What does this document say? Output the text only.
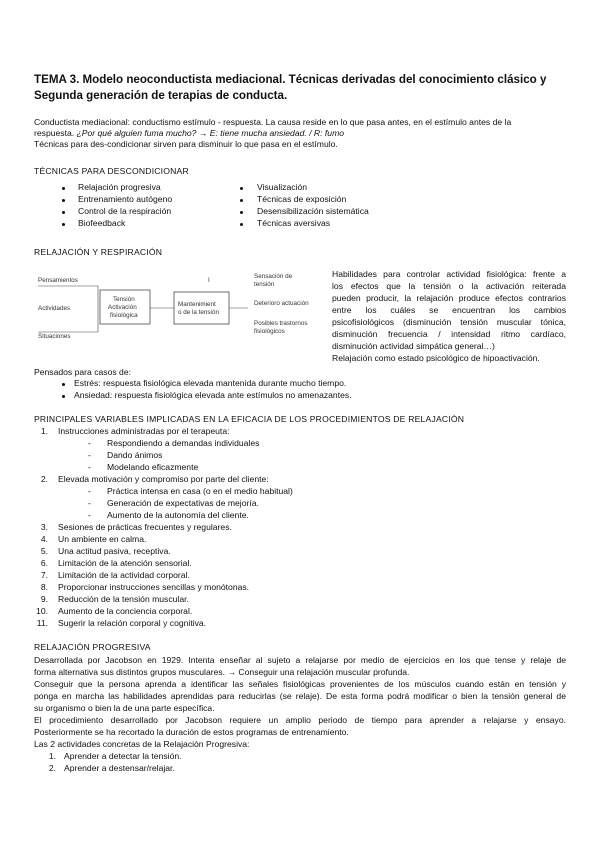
TEMA 3. Modelo neoconductista mediacional. Técnicas derivadas del conocimiento clásico y Segunda generación de terapias de conducta.

Conductista mediacional: conductismo estímulo - respuesta. La causa reside en lo que pasa antes, en el estímulo antes de la

respuesta. ¿Por qué alguien fuma mucho? → E: tiene mucha ansiedad. / R: fumo

Técnicas para des-condicionar sirven para disminuir lo que pasa en el estímulo.

TÉCNICAS PARA DESCONDICIONAR

Relajación progresiva
Entrenamiento autógeno
Control de la respiración
Biofeedback
Visualización
Técnicas de exposición
Desensibilización sistemática
Técnicas aversivas

RELAJACIÓN Y RESPIRACIÓN

Pensamientos
Actividades
Situaciones
Tensión
Activación
fisiológica
Mantenimient
o de la tensión
I
Sensación de
tensión
Deterioro actuación
Posibles trastornos
fisiológicos

Habilidades para controlar actividad fisiológica: frente a

los efectos que la tensión o la activación reiterada

pueden producir, la relajación produce efectos contrarios

entre los cuáles se encuentran los cambios

psicofisiológicos (disminución tensión muscular tónica,

disminución frecuencia / intensidad ritmo cardíaco,

disminución actividad simpática general…)

Relajación como estado psicológico de hipoactivación.

Pensados para casos de:

Estrés: respuesta fisiológica elevada mantenida durante mucho tiempo.
Ansiedad: respuesta fisiológica elevada ante estímulos no amenazantes.

PRINCIPALES VARIABLES IMPLICADAS EN LA EFICACIA DE LOS PROCEDIMIENTOS DE RELAJACIÓN

1. Instrucciones administradas por el terapeuta:
- Respondiendo a demandas individuales
- Dando ánimos
- Modelando eficazmente
2. Elevada motivación y compromiso por parte del cliente:
- Práctica intensa en casa (o en el medio habitual)
- Generación de expectativas de mejoría.
- Aumento de la autonomía del cliente.
3. Sesiones de prácticas frecuentes y regulares.
4. Un ambiente en calma.
5. Una actitud pasiva, receptiva.
6. Limitación de la atención sensorial.
7. Limitación de la actividad corporal.
8. Proporcionar instrucciones sencillas y monótonas.
9. Reducción de la tensión muscular.
10. Aumento de la conciencia corporal.
11. Sugerir la relación corporal y cognitiva.

RELAJACIÓN PROGRESIVA

Desarrollada por Jacobson en 1929. Intenta enseñar al sujeto a relajarse por medio de ejercicios en los que tense y relaje de

forma alternativa sus distintos grupos musculares. → Conseguir una relajación muscular profunda.

Conseguir que la persona aprenda a identificar las señales fisiológicas provenientes de los músculos cuando están en tensión y

ponga en marcha las habilidades aprendidas para reducirlas (se relaje). De esta forma podrá modificar o bien la tensión general de

su organismo o bien la de una parte específica.

El procedimiento desarrollado por Jacobson requiere un amplio periodo de tiempo para aprender a relajarse y ensayo.

Posteriormente se ha recortado la duración de estos programas de entrenamiento.

Las 2 actividades concretas de la Relajación Progresiva:

1. Aprender a detectar la tensión.
2. Aprender a destensar/relajar.
